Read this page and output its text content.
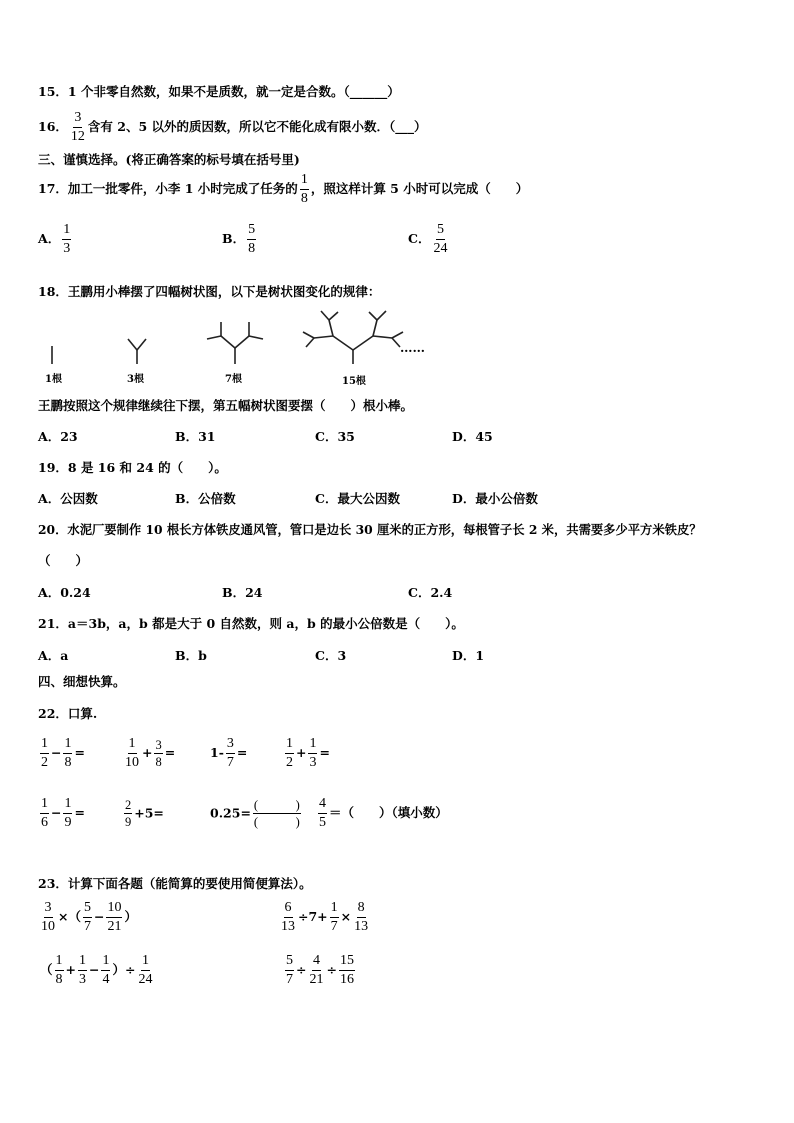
15．1 个非零自然数，如果不是质数，就一定是合数。（______）
16． $\frac{3}{12}$ 含有 2、5 以外的质因数，所以它不能化成有限小数．（___）
三、谨慎选择。(将正确答案的标号填在括号里)
17．加工一批零件，小李 1 小时完成了任务的 $\frac{1}{8}$ ，照这样计算 5 小时可以完成（　　）
A． $\frac{1}{3}$	B． $\frac{5}{8}$	C． $\frac{5}{24}$
18．王鹏用小棒摆了四幅树状图，以下是树状图变化的规律：
……
1根	3根	7根	15根
王鹏按照这个规律继续往下摆，第五幅树状图要摆（　　）根小棒。
A．23	B．31	C．35	D．45
19．8 是 16 和 24 的（　　）。
A．公因数	B．公倍数	C．最大公因数	D．最小公倍数
20．水泥厂要制作 10 根长方体铁皮通风管，管口是边长 30 厘米的正方形，每根管子长 2 米，共需要多少平方米铁皮？
（　　）
A．0.24	B．24	C．2.4
21．a＝3b，a，b 都是大于 0 自然数，则 a，b 的最小公倍数是（　　）。
A．a	B．b	C．3	D．1
四、细想快算。
22．口算.
$\frac{1}{2} - \frac{1}{8}$ =	$\frac{1}{10} + \frac{3}{8}$ =	$1- \frac{3}{7}$ =	$\frac{1}{2} + \frac{1}{3}$ =
$\frac{1}{6} - \frac{1}{9}$ =	$\frac{2}{9} +5=$	$0.25= \frac{( )}{( )} \frac{4}{5}$ ＝（　　）（填小数）
23．计算下面各题（能简算的要使用简便算法）。
$\frac{3}{10}$ ×（ $\frac{5}{7} - \frac{10}{21}$ ）	$\frac{6}{13} \div 7+ \frac{1}{7} \times \frac{8}{13}$
（ $\frac{1}{8} + \frac{1}{3} - \frac{1}{4}$ ）÷ $\frac{1}{24}$	$\frac{5}{7} \div \frac{4}{21} \div \frac{15}{16}$
